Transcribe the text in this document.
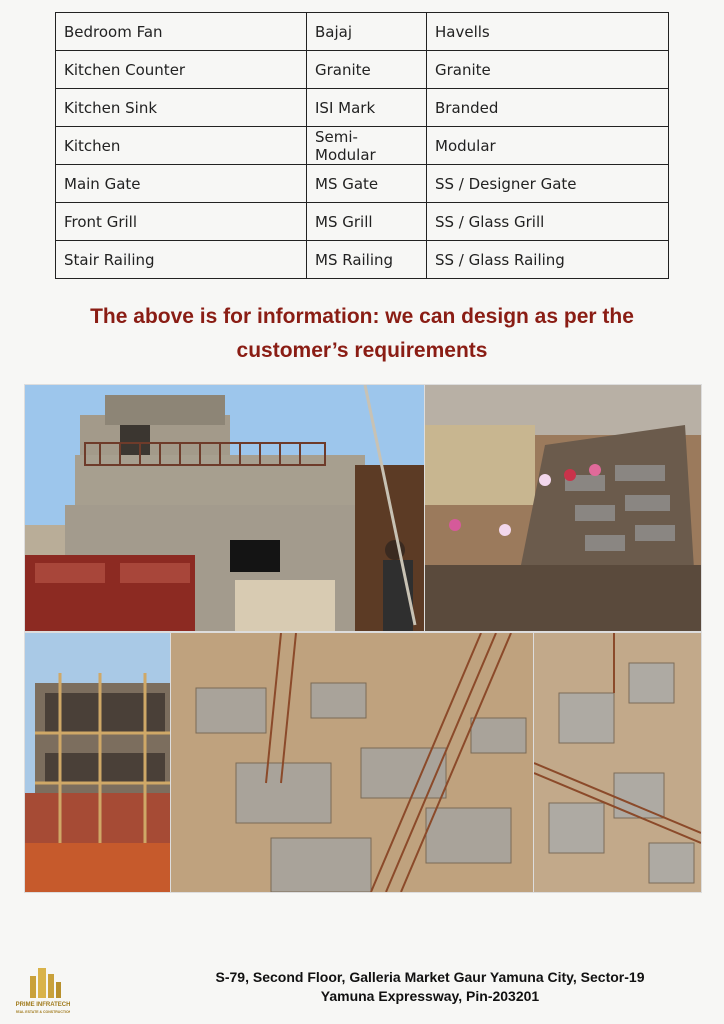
Bedroom Fan	Bajaj	Havells
Kitchen Counter	Granite	Granite
Kitchen Sink	ISI Mark	Branded
Kitchen	Semi- Modular	Modular
Main Gate	MS Gate	SS / Designer Gate
Front Grill	MS Grill	SS / Glass Grill
Stair Railing	MS Railing	SS / Glass Railing
The above is for information: we can design as per the
customer’s requirements
PRIME INFRATECH
REAL ESTATE & CONSTRUCTION
S-79, Second Floor, Galleria Market Gaur Yamuna City, Sector-19
Yamuna Expressway, Pin-203201
